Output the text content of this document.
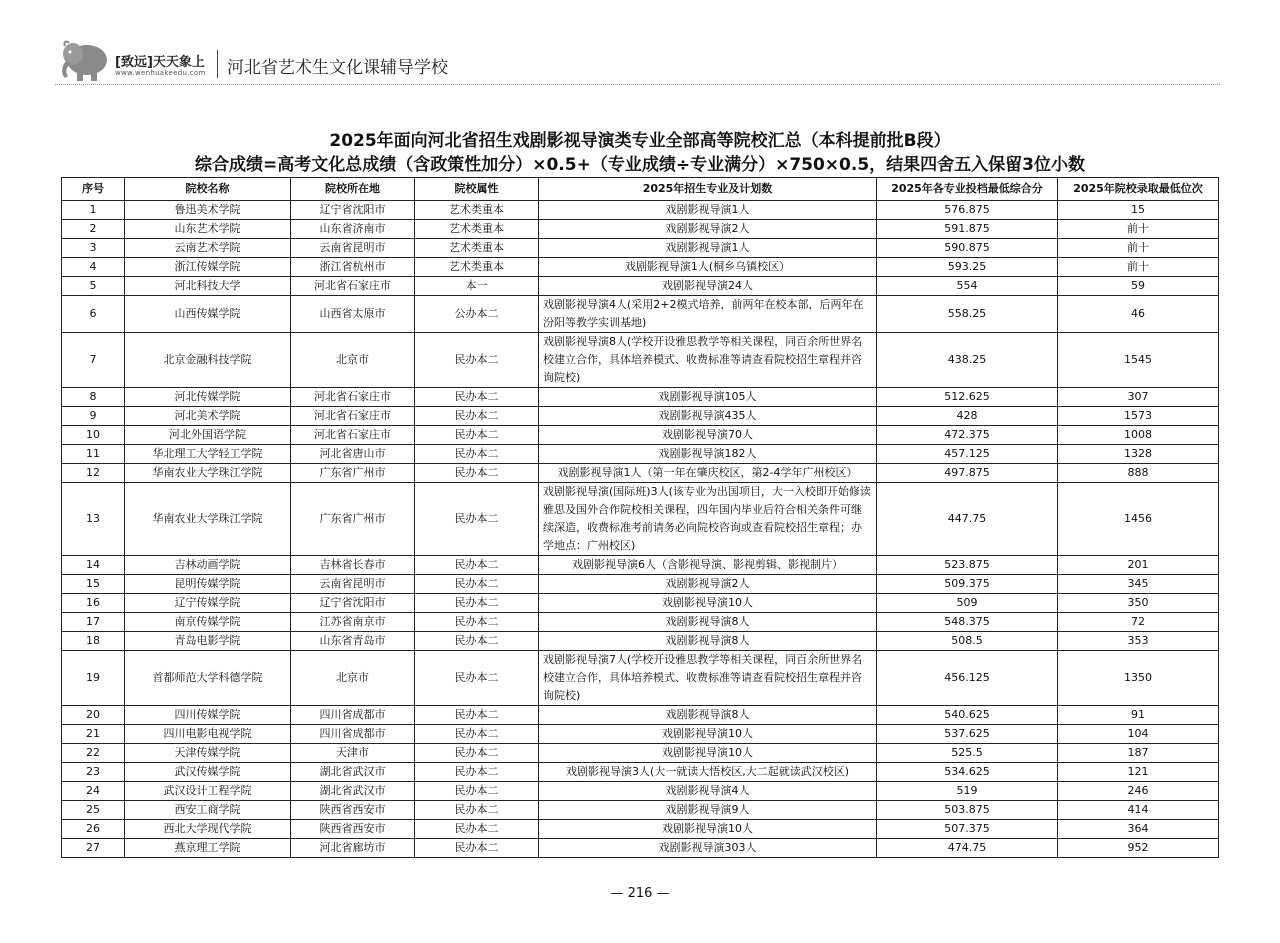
[致远]天天象上
www.wenhuakeedu.com 河北省艺术生文化课辅导学校
2025年面向河北省招生戏剧影视导演类专业全部高等院校汇总（本科提前批B段）
综合成绩=高考文化总成绩（含政策性加分）×0.5+（专业成绩÷专业满分）×750×0.5，结果四舍五入保留3位小数
序号	院校名称	院校所在地	院校属性	2025年招生专业及计划数	2025年各专业投档最低综合分	2025年院校录取最低位次
1	鲁迅美术学院	辽宁省沈阳市	艺术类重本	戏剧影视导演1人	576.875	15
2	山东艺术学院	山东省济南市	艺术类重本	戏剧影视导演2人	591.875	前十
3	云南艺术学院	云南省昆明市	艺术类重本	戏剧影视导演1人	590.875	前十
4	浙江传媒学院	浙江省杭州市	艺术类重本	戏剧影视导演1人(桐乡乌镇校区）	593.25	前十
5	河北科技大学	河北省石家庄市	本一	戏剧影视导演24人	554	59
6	山西传媒学院	山西省太原市	公办本二	戏剧影视导演4人(采用2+2模式培养，前两年在校本部，后两年在汾阳等教学实训基地)	558.25	46
7	北京金融科技学院	北京市	民办本二	戏剧影视导演8人(学校开设雅思教学等相关课程，同百余所世界名校建立合作，具体培养模式、收费标准等请查看院校招生章程并咨询院校)	438.25	1545
8	河北传媒学院	河北省石家庄市	民办本二	戏剧影视导演105人	512.625	307
9	河北美术学院	河北省石家庄市	民办本二	戏剧影视导演435人	428	1573
10	河北外国语学院	河北省石家庄市	民办本二	戏剧影视导演70人	472.375	1008
11	华北理工大学轻工学院	河北省唐山市	民办本二	戏剧影视导演182人	457.125	1328
12	华南农业大学珠江学院	广东省广州市	民办本二	戏剧影视导演1人（第一年在肇庆校区，第2-4学年广州校区）	497.875	888
13	华南农业大学珠江学院	广东省广州市	民办本二	戏剧影视导演(国际班)3人(该专业为出国项目，大一入校即开始修读雅思及国外合作院校相关课程，四年国内毕业后符合相关条件可继续深造，收费标准考前请务必向院校咨询或查看院校招生章程；办学地点：广州校区)	447.75	1456
14	吉林动画学院	吉林省长春市	民办本二	戏剧影视导演6人（含影视导演、影视剪辑、影视制片）	523.875	201
15	昆明传媒学院	云南省昆明市	民办本二	戏剧影视导演2人	509.375	345
16	辽宁传媒学院	辽宁省沈阳市	民办本二	戏剧影视导演10人	509	350
17	南京传媒学院	江苏省南京市	民办本二	戏剧影视导演8人	548.375	72
18	青岛电影学院	山东省青岛市	民办本二	戏剧影视导演8人	508.5	353
19	首都师范大学科德学院	北京市	民办本二	戏剧影视导演7人(学校开设雅思教学等相关课程，同百余所世界名校建立合作，具体培养模式、收费标准等请查看院校招生章程并咨询院校)	456.125	1350
20	四川传媒学院	四川省成都市	民办本二	戏剧影视导演8人	540.625	91
21	四川电影电视学院	四川省成都市	民办本二	戏剧影视导演10人	537.625	104
22	天津传媒学院	天津市	民办本二	戏剧影视导演10人	525.5	187
23	武汉传媒学院	湖北省武汉市	民办本二	戏剧影视导演3人(大一就读大悟校区,大二起就读武汉校区)	534.625	121
24	武汉设计工程学院	湖北省武汉市	民办本二	戏剧影视导演4人	519	246
25	西安工商学院	陕西省西安市	民办本二	戏剧影视导演9人	503.875	414
26	西北大学现代学院	陕西省西安市	民办本二	戏剧影视导演10人	507.375	364
27	燕京理工学院	河北省廊坊市	民办本二	戏剧影视导演303人	474.75	952
— 216 —
